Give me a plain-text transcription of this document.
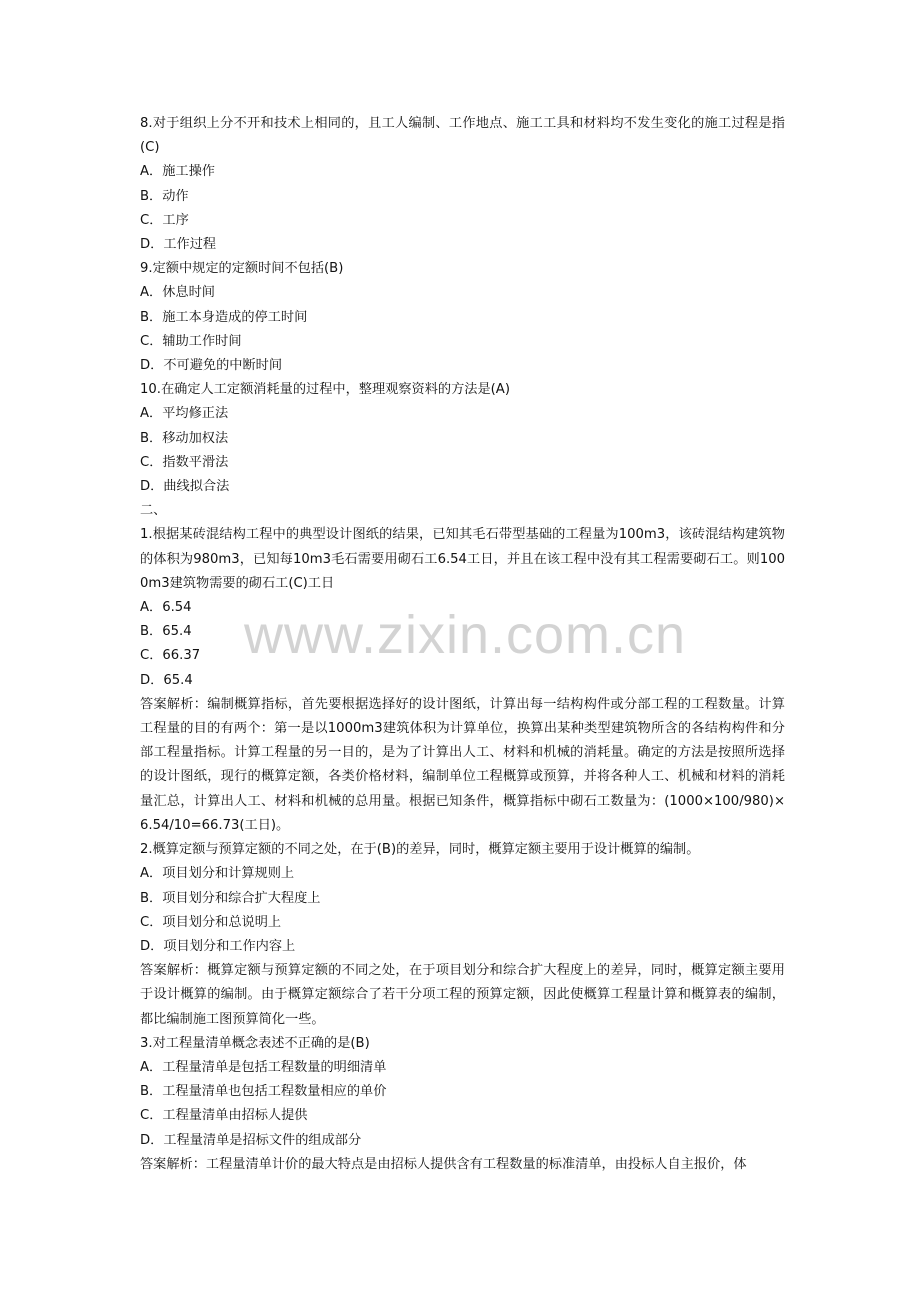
8.对于组织上分不开和技术上相同的，且工人编制、工作地点、施工工具和材料均不发生变化的施工过程是指(C)

A．施工操作

B．动作

C．工序

D．工作过程

9.定额中规定的定额时间不包括(B)

A．休息时间

B．施工本身造成的停工时间

C．辅助工作时间

D．不可避免的中断时间

10.在确定人工定额消耗量的过程中，整理观察资料的方法是(A)

A．平均修正法

B．移动加权法

C．指数平滑法

D．曲线拟合法

二、

1.根据某砖混结构工程中的典型设计图纸的结果，已知其毛石带型基础的工程量为100m3，该砖混结构建筑物的体积为980m3，已知每10m3毛石需要用砌石工6.54工日，并且在该工程中没有其工程需要砌石工。则1000m3建筑物需要的砌石工(C)工日

A．6.54

B．65.4

C．66.37

D．65.4

答案解析：编制概算指标，首先要根据选择好的设计图纸，计算出每一结构构件或分部工程的工程数量。计算工程量的目的有两个：第一是以1000m3建筑体积为计算单位，换算出某种类型建筑物所含的各结构构件和分部工程量指标。计算工程量的另一目的，是为了计算出人工、材料和机械的消耗量。确定的方法是按照所选择的设计图纸，现行的概算定额，各类价格材料，编制单位工程概算或预算，并将各种人工、机械和材料的消耗量汇总，计算出人工、材料和机械的总用量。根据已知条件，概算指标中砌石工数量为：(1000×100/980)×6.54/10=66.73(工日)。

2.概算定额与预算定额的不同之处，在于(B)的差异，同时，概算定额主要用于设计概算的编制。

A．项目划分和计算规则上

B．项目划分和综合扩大程度上

C．项目划分和总说明上

D．项目划分和工作内容上

答案解析：概算定额与预算定额的不同之处，在于项目划分和综合扩大程度上的差异，同时，概算定额主要用于设计概算的编制。由于概算定额综合了若干分项工程的预算定额，因此使概算工程量计算和概算表的编制，都比编制施工图预算简化一些。

3.对工程量清单概念表述不正确的是(B)

A．工程量清单是包括工程数量的明细清单

B．工程量清单也包括工程数量相应的单价

C．工程量清单由招标人提供

D．工程量清单是招标文件的组成部分

答案解析：工程量清单计价的最大特点是由招标人提供含有工程数量的标准清单，由投标人自主报价，体

www.zixin.com.cn
